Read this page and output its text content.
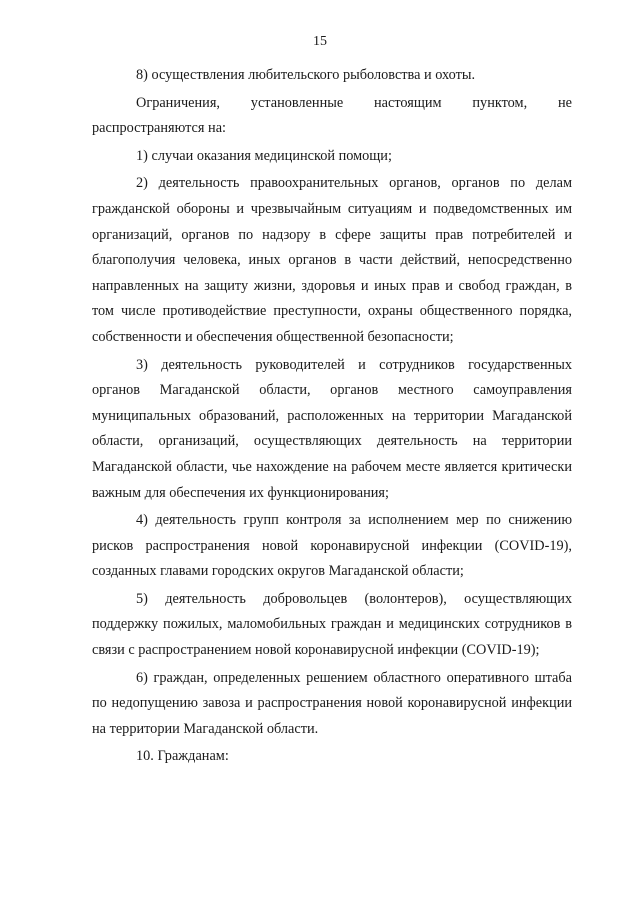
15

8) осуществления любительского рыболовства и охоты.

Ограничения, установленные настоящим пунктом, не распространяются на:

1) случаи оказания медицинской помощи;

2) деятельность правоохранительных органов, органов по делам гражданской обороны и чрезвычайным ситуациям и подведомственных им организаций, органов по надзору в сфере защиты прав потребителей и благополучия человека, иных органов в части действий, непосредственно направленных на защиту жизни, здоровья и иных прав и свобод граждан, в том числе противодействие преступности, охраны общественного порядка, собственности и обеспечения общественной безопасности;

3) деятельность руководителей и сотрудников государственных органов Магаданской области, органов местного самоуправления муниципальных образований, расположенных на территории Магаданской области, организаций, осуществляющих деятельность на территории Магаданской области, чье нахождение на рабочем месте является критически важным для обеспечения их функционирования;

4) деятельность групп контроля за исполнением мер по снижению рисков распространения новой коронавирусной инфекции (COVID-19), созданных главами городских округов Магаданской области;

5) деятельность добровольцев (волонтеров), осуществляющих поддержку пожилых, маломобильных граждан и медицинских сотрудников в связи с распространением новой коронавирусной инфекции (COVID-19);

6) граждан, определенных решением областного оперативного штаба по недопущению завоза и распространения новой коронавирусной инфекции на территории Магаданской области.

10. Гражданам:
